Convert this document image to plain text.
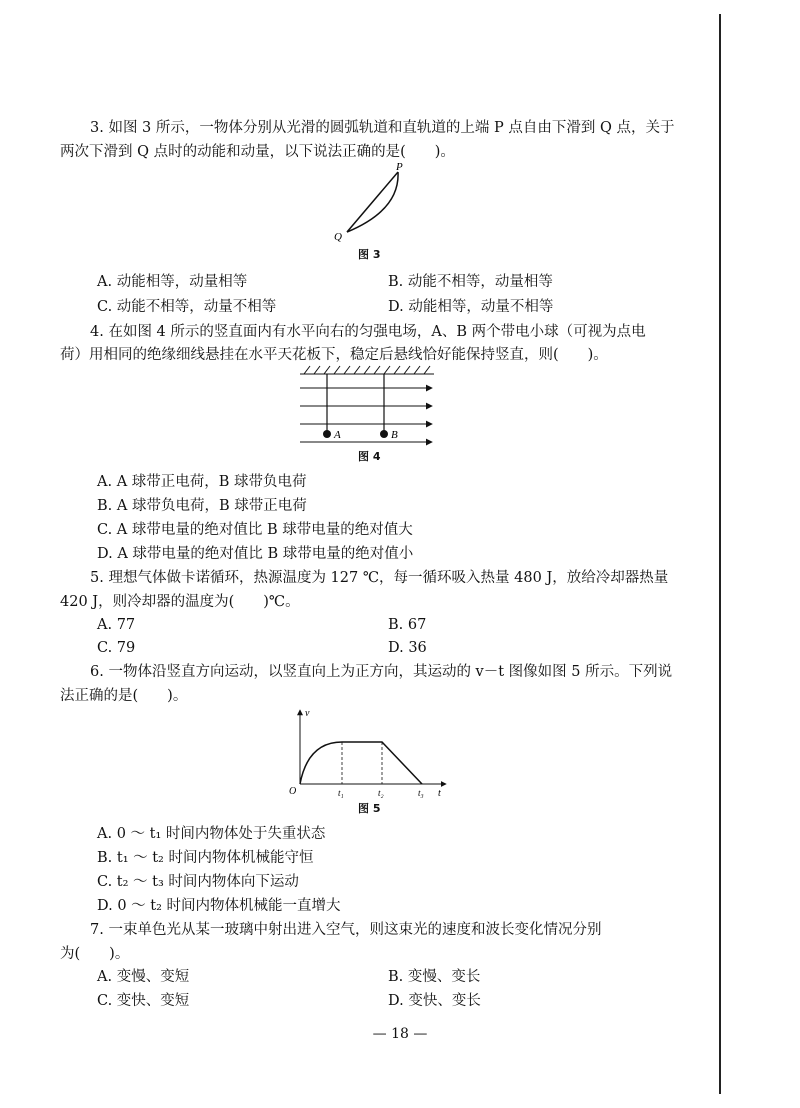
3. 如图 3 所示，一物体分别从光滑的圆弧轨道和直轨道的上端 P 点自由下滑到 Q 点，关于
两次下滑到 Q 点时的动能和动量，以下说法正确的是(　　)。
P
Q
图 3
A. 动能相等，动量相等	B. 动能不相等，动量相等
C. 动能不相等，动量不相等	D. 动能相等，动量不相等
4. 在如图 4 所示的竖直面内有水平向右的匀强电场，A、B 两个带电小球（可视为点电
荷）用相同的绝缘细线悬挂在水平天花板下，稳定后悬线恰好能保持竖直，则(　　)。
A	B
图 4
A. A 球带正电荷，B 球带负电荷
B. A 球带负电荷，B 球带正电荷
C. A 球带电量的绝对值比 B 球带电量的绝对值大
D. A 球带电量的绝对值比 B 球带电量的绝对值小
5. 理想气体做卡诺循环，热源温度为 127 ℃，每一循环吸入热量 480 J，放给冷却器热量
420 J，则冷却器的温度为(　　)℃。
A. 77	B. 67
C. 79	D. 36
6. 一物体沿竖直方向运动，以竖直向上为正方向，其运动的 v－t 图像如图 5 所示。下列说
法正确的是(　　)。
v
t
O	t₁	t₂	t₃
图 5
A. 0 ～ t₁ 时间内物体处于失重状态
B. t₁ ～ t₂ 时间内物体机械能守恒
C. t₂ ～ t₃ 时间内物体向下运动
D. 0 ～ t₂ 时间内物体机械能一直增大
7. 一束单色光从某一玻璃中射出进入空气，则这束光的速度和波长变化情况分别
为(　　)。
A. 变慢、变短	B. 变慢、变长
C. 变快、变短	D. 变快、变长
— 18 —
